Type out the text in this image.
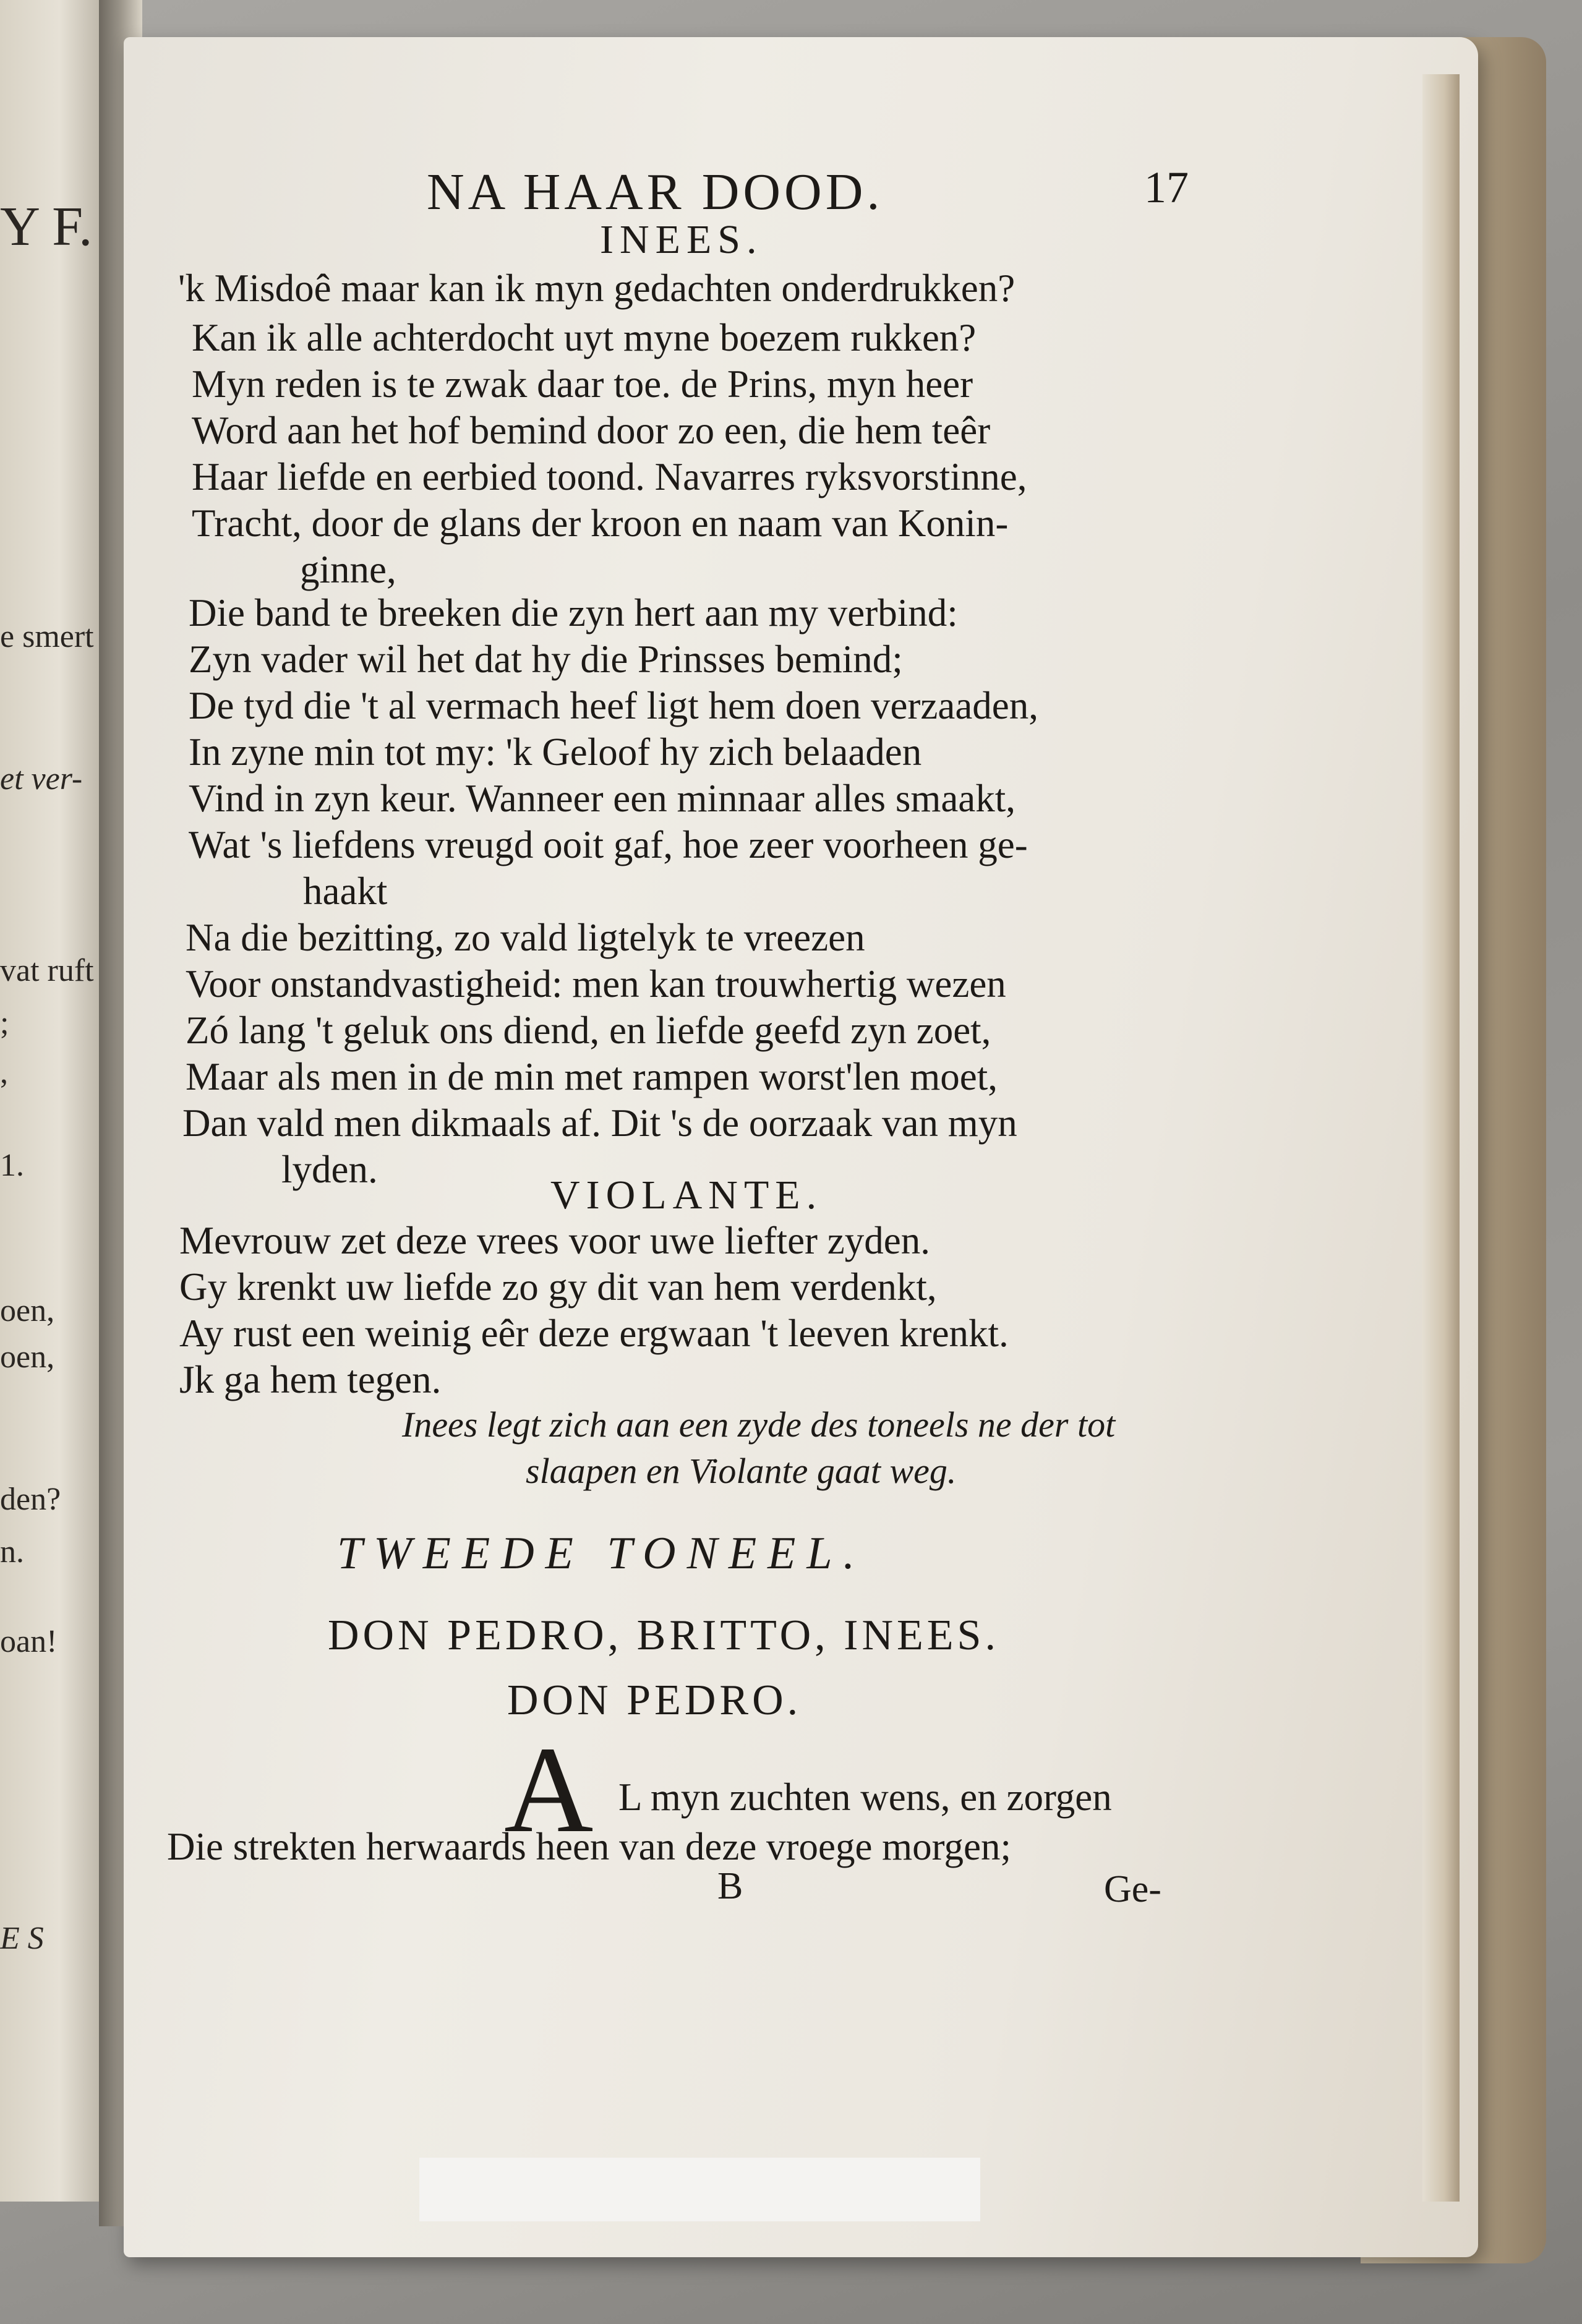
Y F.
e smert
et ver-
vat ruft
;
,
1.
oen,
oen,
den?
n.
oan!
E S
NA HAAR DOOD.	17
INEES.
'k Misdoê maar kan ik myn gedachten onderdrukken?
Kan ik alle achterdocht uyt myne boezem rukken?
Myn reden is te zwak daar toe. de Prins, myn heer
Word aan het hof bemind door zo een, die hem teêr
Haar liefde en eerbied toond. Navarres ryksvorstinne,
Tracht, door de glans der kroon en naam van Konin-
ginne,
Die band te breeken die zyn hert aan my verbind:
Zyn vader wil het dat hy die Prinsses bemind;
De tyd die 't al vermach heef ligt hem doen verzaaden,
In zyne min tot my: 'k Geloof hy zich belaaden
Vind in zyn keur. Wanneer een minnaar alles smaakt,
Wat 's liefdens vreugd ooit gaf, hoe zeer voorheen ge-
haakt
Na die bezitting, zo vald ligtelyk te vreezen
Voor onstandvastigheid: men kan trouwhertig wezen
Zó lang 't geluk ons diend, en liefde geefd zyn zoet,
Maar als men in de min met rampen worst'len moet,
Dan vald men dikmaals af. Dit 's de oorzaak van myn
lyden.
VIOLANTE.
Mevrouw zet deze vrees voor uwe liefter zyden.
Gy krenkt uw liefde zo gy dit van hem verdenkt,
Ay rust een weinig eêr deze ergwaan 't leeven krenkt.
Jk ga hem tegen.
Inees legt zich aan een zyde des toneels ne der tot
slaapen en Violante gaat weg.
TWEEDE TONEEL.
DON PEDRO, BRITTO, INEES.
DON PEDRO.
A L myn zuchten wens, en zorgen
Die strekten herwaards heen van deze vroege morgen;
B	Ge-
